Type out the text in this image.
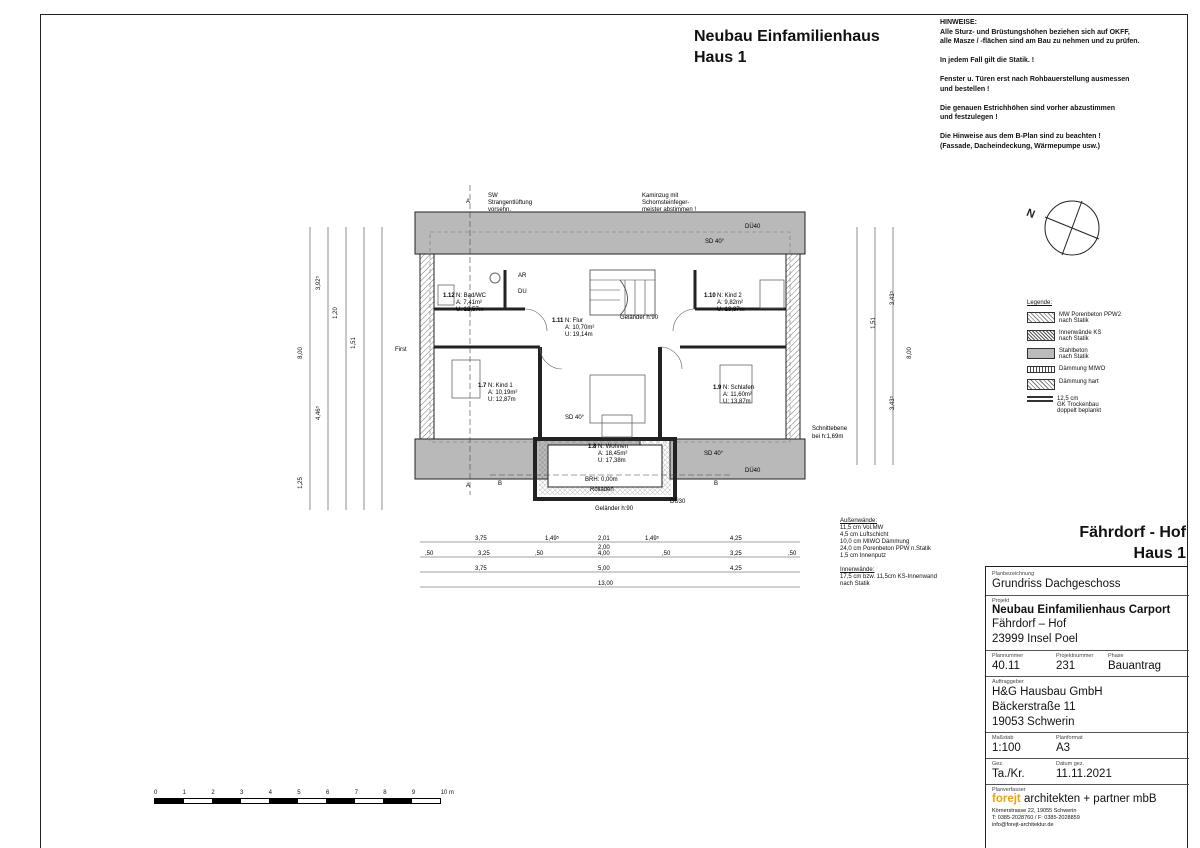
Neubau Einfamilienhaus
Haus 1

HINWEISE:

Alle Sturz- und Brüstungshöhen beziehen sich auf OKFF,
alle Masze / -flächen sind am Bau zu nehmen und zu prüfen.

In jedem Fall gilt die Statik. !

Fenster u. Türen erst nach Rohbauerstellung ausmessen
und bestellen !

Die genauen Estrichhöhen sind vorher abzustimmen
und festzulegen !

Die Hinweise aus dem B-Plan sind zu beachten !
(Fassade, Dacheindeckung, Wärmepumpe usw.)

N
SW
Strangentlüftung
vorsehn.
Kaminzug mit
Schornsteinfeger-
meister abstimmen !
SD 40°
DÜ40
SD 40°
DÜ40
SD 40°
DÜ30
AR
DU
Geländer h:90
Geländer h:90
BRH: 0,00m
Rolladen
First
Schnittebene
bei h:1,69m
A
A	B	B
1.12 N: Bad/WC
A: 7,41m²
U: 12,57m
1.11 N: Flur
A: 10,70m²
U: 19,14m
1.10 N: Kind 2
A: 9,82m²
U: 13,87m
1.7 N: Kind 1
A: 10,19m²
U: 12,87m
1.8 N: Wohnen
A: 18,45m²
U: 17,38m
1.9 N: Schlafen
A: 11,60m²
U: 13,87m
3,75	1,49⁵	2,01	1,49⁵	4,25
2,00
,50	3,25	,50	4,00	,50	3,25	,50
3,75	5,00	4,25
13,00
3,92⁵
1,20
1,51
8,00
4,46⁵
1,25
8,00
3,43⁵
1,51
3,43⁵
Legende:
MW Porenbeton PPW2
nach Statik
Innenwände KS
nach Statik
Stahlbeton
nach Statik
Dämmung MIWO
Dämmung hart
12,5 cm
GK Trockenbau
doppelt beplankt
Außenwände:
11,5 cm Vol.MW
4,5 cm Luftschicht
10,0 cm MIWO Dämmung
24,0 cm Porenbeton PPW n.Statik
1,5 cm Innenputz
Innenwände:
17,5 cm bzw. 11,5cm KS-Innenwand
nach Statik
0	1	2	3	4	5	6	7	8	9	10 m
Fährdorf - Hof
Haus 1
Planbezeichnung
Grundriss Dachgeschoss
Projekt
Neubau Einfamilienhaus Carport
Fährdorf – Hof
23999 Insel Poel
Plannummer
40.11
Projektnummer
231
Phase
Bauantrag
Auftraggeber
H&G Hausbau GmbH
Bäckerstraße 11
19053 Schwerin
Maßstab
1:100
Planformat
A3
Gez.
Ta./Kr.
Datum gez.
11.11.2021
Planverfasser
forejt architekten + partner mbB
Körnerstrasse 22, 19055 Schwerin
T: 0385-2028760 / F: 0385-2028859
info@forejt-architektur.de
